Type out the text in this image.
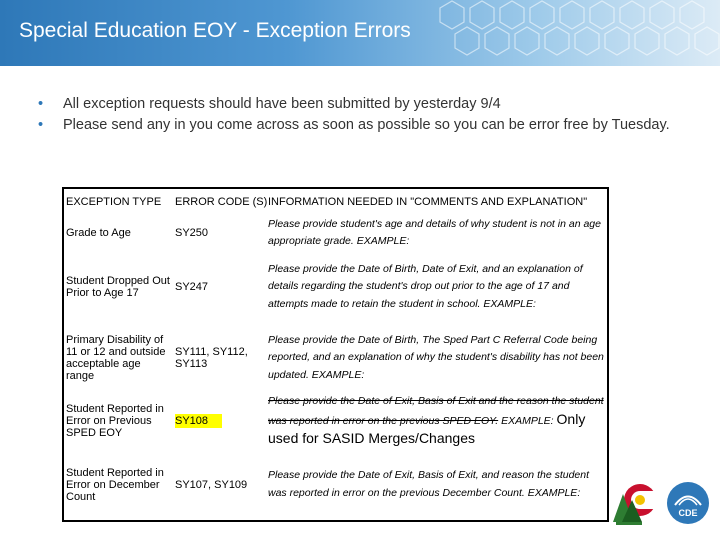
Special Education EOY - Exception Errors
• All exception requests should have been submitted by yesterday 9/4
• Please send any in you come across as soon as possible so you can be error free by Tuesday.
EXCEPTION TYPE	ERROR CODE (S)	INFORMATION NEEDED IN "COMMENTS AND EXPLANATION"
Grade to Age	SY250	Please provide student's age and details of why student is not in an age appropriate grade. EXAMPLE:
Student Dropped Out Prior to Age 17	SY247	Please provide the Date of Birth, Date of Exit, and an explanation of details regarding the student's drop out prior to the age of 17 and attempts made to retain the student in school. EXAMPLE:
Primary Disability of 11 or 12 and outside acceptable age range	SY111, SY112, SY113	Please provide the Date of Birth, The Sped Part C Referral Code being reported, and an explanation of why the student's disability has not been updated. EXAMPLE:
Student Reported in Error on Previous SPED EOY	SY108	Please provide the Date of Exit, Basis of Exit and the reason the student was reported in error on the previous SPED EOY. EXAMPLE: Only used for SASID Merges/Changes
Student Reported in Error on December Count	SY107, SY109	Please provide the Date of Exit, Basis of Exit, and reason the student was reported in error on the previous December Count. EXAMPLE:
CDE
